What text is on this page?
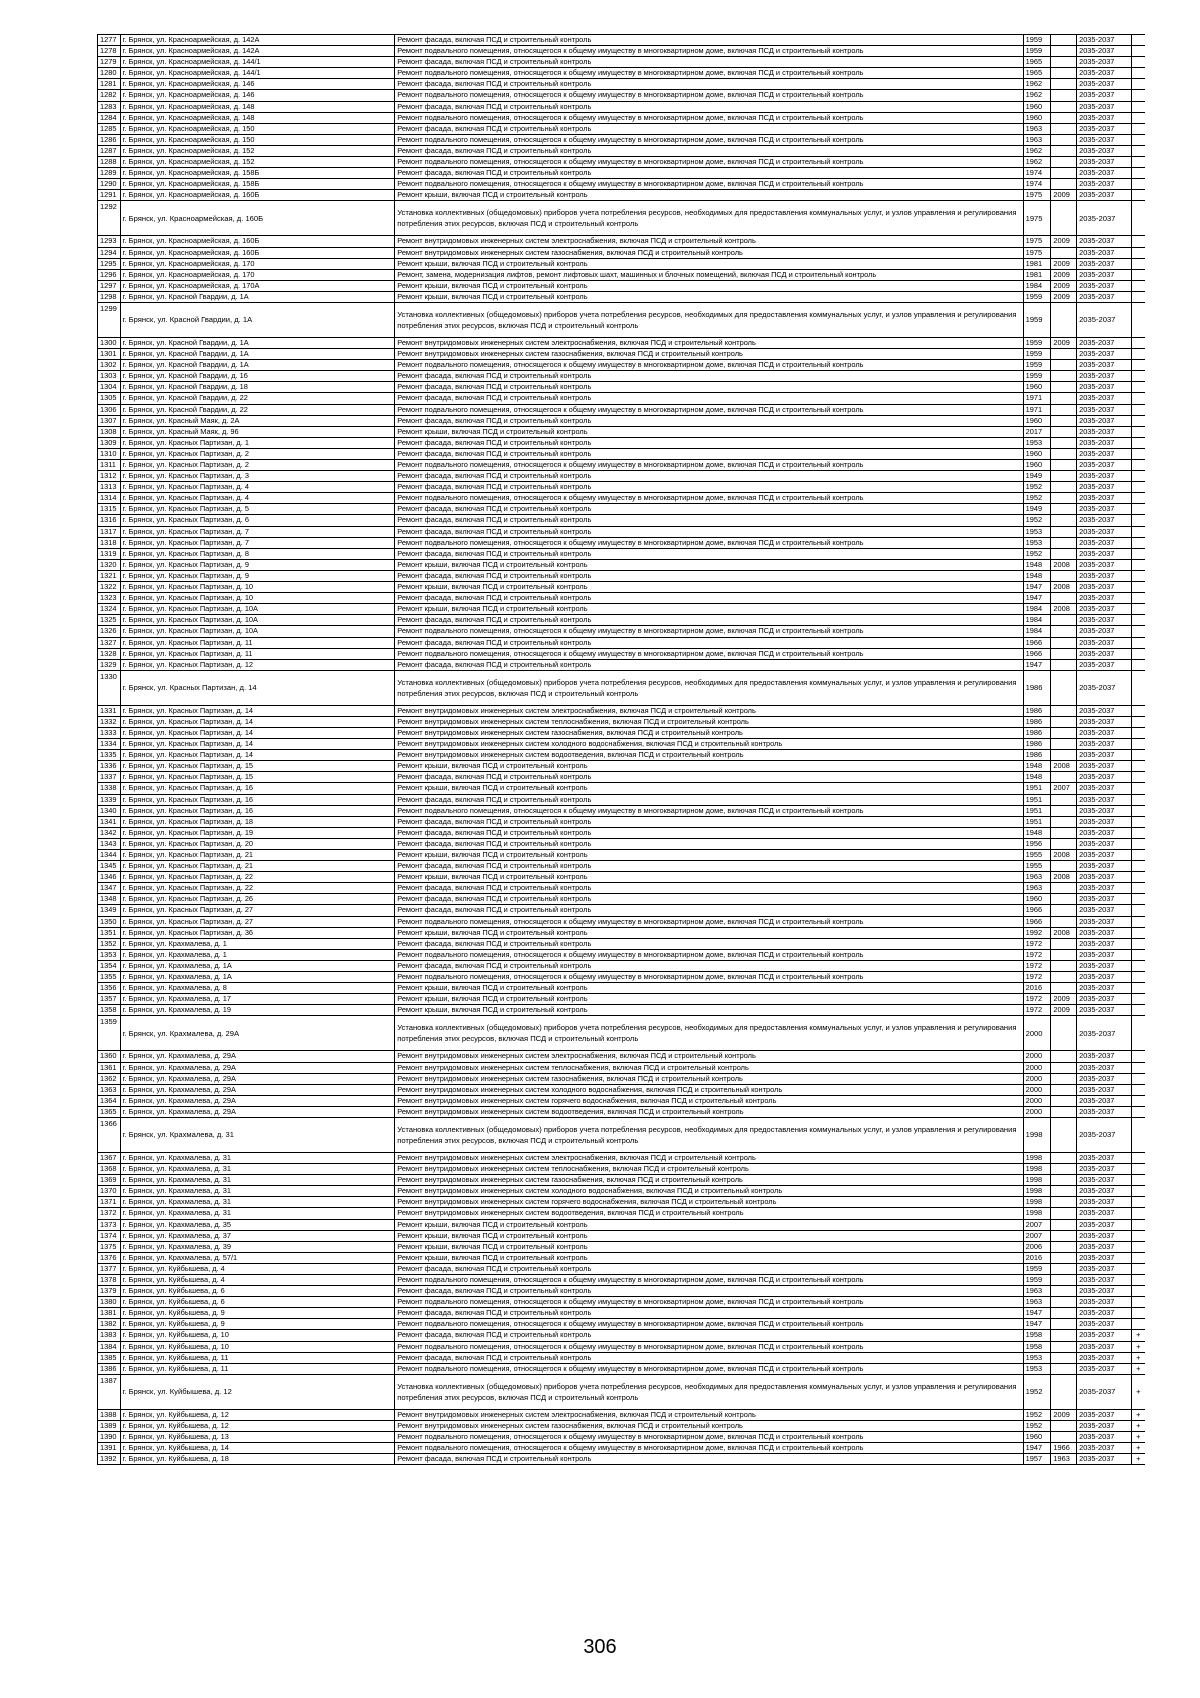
1277	г. Брянск, ул. Красноармейская, д. 142А	Ремонт фасада, включая ПСД и строительный контроль	1959		2035-2037	
1278	г. Брянск, ул. Красноармейская, д. 142А	Ремонт подвального помещения, относящегося к общему имуществу в многоквартирном доме, включая ПСД и строительный контроль	1959		2035-2037	
1279	г. Брянск, ул. Красноармейская, д. 144/1	Ремонт фасада, включая ПСД и строительный контроль	1965		2035-2037	
1280	г. Брянск, ул. Красноармейская, д. 144/1	Ремонт подвального помещения, относящегося к общему имуществу в многоквартирном доме, включая ПСД и строительный контроль	1965		2035-2037	
1281	г. Брянск, ул. Красноармейская, д. 146	Ремонт фасада, включая ПСД и строительный контроль	1962		2035-2037	
1282	г. Брянск, ул. Красноармейская, д. 146	Ремонт подвального помещения, относящегося к общему имуществу в многоквартирном доме, включая ПСД и строительный контроль	1962		2035-2037	
1283	г. Брянск, ул. Красноармейская, д. 148	Ремонт фасада, включая ПСД и строительный контроль	1960		2035-2037	
1284	г. Брянск, ул. Красноармейская, д. 148	Ремонт подвального помещения, относящегося к общему имуществу в многоквартирном доме, включая ПСД и строительный контроль	1960		2035-2037	
1285	г. Брянск, ул. Красноармейская, д. 150	Ремонт фасада, включая ПСД и строительный контроль	1963		2035-2037	
1286	г. Брянск, ул. Красноармейская, д. 150	Ремонт подвального помещения, относящегося к общему имуществу в многоквартирном доме, включая ПСД и строительный контроль	1963		2035-2037	
1287	г. Брянск, ул. Красноармейская, д. 152	Ремонт фасада, включая ПСД и строительный контроль	1962		2035-2037	
1288	г. Брянск, ул. Красноармейская, д. 152	Ремонт подвального помещения, относящегося к общему имуществу в многоквартирном доме, включая ПСД и строительный контроль	1962		2035-2037	
1289	г. Брянск, ул. Красноармейская, д. 158Б	Ремонт фасада, включая ПСД и строительный контроль	1974		2035-2037	
1290	г. Брянск, ул. Красноармейская, д. 158Б	Ремонт подвального помещения, относящегося к общему имуществу в многоквартирном доме, включая ПСД и строительный контроль	1974		2035-2037	
1291	г. Брянск, ул. Красноармейская, д. 160Б	Ремонт крыши, включая ПСД и строительный контроль	1975	2009	2035-2037	
1292	г. Брянск, ул. Красноармейская, д. 160Б	Установка коллективных (общедомовых) приборов учета потребления ресурсов, необходимых для предоставления коммунальных услуг, и узлов управления и регулирования потребления этих ресурсов, включая ПСД и строительный контроль	1975		2035-2037	
1293	г. Брянск, ул. Красноармейская, д. 160Б	Ремонт внутридомовых инженерных систем электроснабжения, включая ПСД и строительный контроль	1975	2009	2035-2037	
1294	г. Брянск, ул. Красноармейская, д. 160Б	Ремонт внутридомовых инженерных систем газоснабжения, включая ПСД и строительный контроль	1975		2035-2037	
1295	г. Брянск, ул. Красноармейская, д. 170	Ремонт крыши, включая ПСД и строительный контроль	1981	2009	2035-2037	
1296	г. Брянск, ул. Красноармейская, д. 170	Ремонт, замена, модернизация лифтов, ремонт лифтовых шахт, машинных и блочных помещений, включая ПСД и строительный контроль	1981	2009	2035-2037	
1297	г. Брянск, ул. Красноармейская, д. 170А	Ремонт крыши, включая ПСД и строительный контроль	1984	2009	2035-2037	
1298	г. Брянск, ул. Красной Гвардии, д. 1А	Ремонт крыши, включая ПСД и строительный контроль	1959	2009	2035-2037	
1299	г. Брянск, ул. Красной Гвардии, д. 1А	Установка коллективных (общедомовых) приборов учета потребления ресурсов, необходимых для предоставления коммунальных услуг, и узлов управления и регулирования потребления этих ресурсов, включая ПСД и строительный контроль	1959		2035-2037	
1300	г. Брянск, ул. Красной Гвардии, д. 1А	Ремонт внутридомовых инженерных систем электроснабжения, включая ПСД и строительный контроль	1959	2009	2035-2037	
1301	г. Брянск, ул. Красной Гвардии, д. 1А	Ремонт внутридомовых инженерных систем газоснабжения, включая ПСД и строительный контроль	1959		2035-2037	
1302	г. Брянск, ул. Красной Гвардии, д. 1А	Ремонт подвального помещения, относящегося к общему имуществу в многоквартирном доме, включая ПСД и строительный контроль	1959		2035-2037	
1303	г. Брянск, ул. Красной Гвардии, д. 16	Ремонт фасада, включая ПСД и строительный контроль	1959		2035-2037	
1304	г. Брянск, ул. Красной Гвардии, д. 18	Ремонт фасада, включая ПСД и строительный контроль	1960		2035-2037	
1305	г. Брянск, ул. Красной Гвардии, д. 22	Ремонт фасада, включая ПСД и строительный контроль	1971		2035-2037	
1306	г. Брянск, ул. Красной Гвардии, д. 22	Ремонт подвального помещения, относящегося к общему имуществу в многоквартирном доме, включая ПСД и строительный контроль	1971		2035-2037	
1307	г. Брянск, ул. Красный Маяк, д. 2А	Ремонт фасада, включая ПСД и строительный контроль	1960		2035-2037	
1308	г. Брянск, ул. Красный Маяк, д. 96	Ремонт крыши, включая ПСД и строительный контроль	2017		2035-2037	
1309	г. Брянск, ул. Красных Партизан, д. 1	Ремонт фасада, включая ПСД и строительный контроль	1953		2035-2037	
1310	г. Брянск, ул. Красных Партизан, д. 2	Ремонт фасада, включая ПСД и строительный контроль	1960		2035-2037	
1311	г. Брянск, ул. Красных Партизан, д. 2	Ремонт подвального помещения, относящегося к общему имуществу в многоквартирном доме, включая ПСД и строительный контроль	1960		2035-2037	
1312	г. Брянск, ул. Красных Партизан, д. 3	Ремонт фасада, включая ПСД и строительный контроль	1949		2035-2037	
1313	г. Брянск, ул. Красных Партизан, д. 4	Ремонт фасада, включая ПСД и строительный контроль	1952		2035-2037	
1314	г. Брянск, ул. Красных Партизан, д. 4	Ремонт подвального помещения, относящегося к общему имуществу в многоквартирном доме, включая ПСД и строительный контроль	1952		2035-2037	
1315	г. Брянск, ул. Красных Партизан, д. 5	Ремонт фасада, включая ПСД и строительный контроль	1949		2035-2037	
1316	г. Брянск, ул. Красных Партизан, д. 6	Ремонт фасада, включая ПСД и строительный контроль	1952		2035-2037	
1317	г. Брянск, ул. Красных Партизан, д. 7	Ремонт фасада, включая ПСД и строительный контроль	1953		2035-2037	
1318	г. Брянск, ул. Красных Партизан, д. 7	Ремонт подвального помещения, относящегося к общему имуществу в многоквартирном доме, включая ПСД и строительный контроль	1953		2035-2037	
1319	г. Брянск, ул. Красных Партизан, д. 8	Ремонт фасада, включая ПСД и строительный контроль	1952		2035-2037	
1320	г. Брянск, ул. Красных Партизан, д. 9	Ремонт крыши, включая ПСД и строительный контроль	1948	2008	2035-2037	
1321	г. Брянск, ул. Красных Партизан, д. 9	Ремонт фасада, включая ПСД и строительный контроль	1948		2035-2037	
1322	г. Брянск, ул. Красных Партизан, д. 10	Ремонт крыши, включая ПСД и строительный контроль	1947	2008	2035-2037	
1323	г. Брянск, ул. Красных Партизан, д. 10	Ремонт фасада, включая ПСД и строительный контроль	1947		2035-2037	
1324	г. Брянск, ул. Красных Партизан, д. 10А	Ремонт крыши, включая ПСД и строительный контроль	1984	2008	2035-2037	
1325	г. Брянск, ул. Красных Партизан, д. 10А	Ремонт фасада, включая ПСД и строительный контроль	1984		2035-2037	
1326	г. Брянск, ул. Красных Партизан, д. 10А	Ремонт подвального помещения, относящегося к общему имуществу в многоквартирном доме, включая ПСД и строительный контроль	1984		2035-2037	
1327	г. Брянск, ул. Красных Партизан, д. 11	Ремонт фасада, включая ПСД и строительный контроль	1966		2035-2037	
1328	г. Брянск, ул. Красных Партизан, д. 11	Ремонт подвального помещения, относящегося к общему имуществу в многоквартирном доме, включая ПСД и строительный контроль	1966		2035-2037	
1329	г. Брянск, ул. Красных Партизан, д. 12	Ремонт фасада, включая ПСД и строительный контроль	1947		2035-2037	
1330	г. Брянск, ул. Красных Партизан, д. 14	Установка коллективных (общедомовых) приборов учета потребления ресурсов, необходимых для предоставления коммунальных услуг, и узлов управления и регулирования потребления этих ресурсов, включая ПСД и строительный контроль	1986		2035-2037	
1331	г. Брянск, ул. Красных Партизан, д. 14	Ремонт внутридомовых инженерных систем электроснабжения, включая ПСД и строительный контроль	1986		2035-2037	
1332	г. Брянск, ул. Красных Партизан, д. 14	Ремонт внутридомовых инженерных систем теплоснабжения, включая ПСД и строительный контроль	1986		2035-2037	
1333	г. Брянск, ул. Красных Партизан, д. 14	Ремонт внутридомовых инженерных систем газоснабжения, включая ПСД и строительный контроль	1986		2035-2037	
1334	г. Брянск, ул. Красных Партизан, д. 14	Ремонт внутридомовых инженерных систем холодного водоснабжения, включая ПСД и строительный контроль	1986		2035-2037	
1335	г. Брянск, ул. Красных Партизан, д. 14	Ремонт внутридомовых инженерных систем водоотведения, включая ПСД и строительный контроль	1986		2035-2037	
1336	г. Брянск, ул. Красных Партизан, д. 15	Ремонт крыши, включая ПСД и строительный контроль	1948	2008	2035-2037	
1337	г. Брянск, ул. Красных Партизан, д. 15	Ремонт фасада, включая ПСД и строительный контроль	1948		2035-2037	
1338	г. Брянск, ул. Красных Партизан, д. 16	Ремонт крыши, включая ПСД и строительный контроль	1951	2007	2035-2037	
1339	г. Брянск, ул. Красных Партизан, д. 16	Ремонт фасада, включая ПСД и строительный контроль	1951		2035-2037	
1340	г. Брянск, ул. Красных Партизан, д. 16	Ремонт подвального помещения, относящегося к общему имуществу в многоквартирном доме, включая ПСД и строительный контроль	1951		2035-2037	
1341	г. Брянск, ул. Красных Партизан, д. 18	Ремонт фасада, включая ПСД и строительный контроль	1951		2035-2037	
1342	г. Брянск, ул. Красных Партизан, д. 19	Ремонт фасада, включая ПСД и строительный контроль	1948		2035-2037	
1343	г. Брянск, ул. Красных Партизан, д. 20	Ремонт фасада, включая ПСД и строительный контроль	1956		2035-2037	
1344	г. Брянск, ул. Красных Партизан, д. 21	Ремонт крыши, включая ПСД и строительный контроль	1955	2008	2035-2037	
1345	г. Брянск, ул. Красных Партизан, д. 21	Ремонт фасада, включая ПСД и строительный контроль	1955		2035-2037	
1346	г. Брянск, ул. Красных Партизан, д. 22	Ремонт крыши, включая ПСД и строительный контроль	1963	2008	2035-2037	
1347	г. Брянск, ул. Красных Партизан, д. 22	Ремонт фасада, включая ПСД и строительный контроль	1963		2035-2037	
1348	г. Брянск, ул. Красных Партизан, д. 26	Ремонт фасада, включая ПСД и строительный контроль	1960		2035-2037	
1349	г. Брянск, ул. Красных Партизан, д. 27	Ремонт фасада, включая ПСД и строительный контроль	1966		2035-2037	
1350	г. Брянск, ул. Красных Партизан, д. 27	Ремонт подвального помещения, относящегося к общему имуществу в многоквартирном доме, включая ПСД и строительный контроль	1966		2035-2037	
1351	г. Брянск, ул. Красных Партизан, д. 36	Ремонт крыши, включая ПСД и строительный контроль	1992	2008	2035-2037	
1352	г. Брянск, ул. Крахмалева, д. 1	Ремонт фасада, включая ПСД и строительный контроль	1972		2035-2037	
1353	г. Брянск, ул. Крахмалева, д. 1	Ремонт подвального помещения, относящегося к общему имуществу в многоквартирном доме, включая ПСД и строительный контроль	1972		2035-2037	
1354	г. Брянск, ул. Крахмалева, д. 1А	Ремонт фасада, включая ПСД и строительный контроль	1972		2035-2037	
1355	г. Брянск, ул. Крахмалева, д. 1А	Ремонт подвального помещения, относящегося к общему имуществу в многоквартирном доме, включая ПСД и строительный контроль	1972		2035-2037	
1356	г. Брянск, ул. Крахмалева, д. 8	Ремонт крыши, включая ПСД и строительный контроль	2016		2035-2037	
1357	г. Брянск, ул. Крахмалева, д. 17	Ремонт крыши, включая ПСД и строительный контроль	1972	2009	2035-2037	
1358	г. Брянск, ул. Крахмалева, д. 19	Ремонт крыши, включая ПСД и строительный контроль	1972	2009	2035-2037	
1359	г. Брянск, ул. Крахмалева, д. 29А	Установка коллективных (общедомовых) приборов учета потребления ресурсов, необходимых для предоставления коммунальных услуг, и узлов управления и регулирования потребления этих ресурсов, включая ПСД и строительный контроль	2000		2035-2037	
1360	г. Брянск, ул. Крахмалева, д. 29А	Ремонт внутридомовых инженерных систем электроснабжения, включая ПСД и строительный контроль	2000		2035-2037	
1361	г. Брянск, ул. Крахмалева, д. 29А	Ремонт внутридомовых инженерных систем теплоснабжения, включая ПСД и строительный контроль	2000		2035-2037	
1362	г. Брянск, ул. Крахмалева, д. 29А	Ремонт внутридомовых инженерных систем газоснабжения, включая ПСД и строительный контроль	2000		2035-2037	
1363	г. Брянск, ул. Крахмалева, д. 29А	Ремонт внутридомовых инженерных систем холодного водоснабжения, включая ПСД и строительный контроль	2000		2035-2037	
1364	г. Брянск, ул. Крахмалева, д. 29А	Ремонт внутридомовых инженерных систем горячего водоснабжения, включая ПСД и строительный контроль	2000		2035-2037	
1365	г. Брянск, ул. Крахмалева, д. 29А	Ремонт внутридомовых инженерных систем водоотведения, включая ПСД и строительный контроль	2000		2035-2037	
1366	г. Брянск, ул. Крахмалева, д. 31	Установка коллективных (общедомовых) приборов учета потребления ресурсов, необходимых для предоставления коммунальных услуг, и узлов управления и регулирования потребления этих ресурсов, включая ПСД и строительный контроль	1998		2035-2037	
1367	г. Брянск, ул. Крахмалева, д. 31	Ремонт внутридомовых инженерных систем электроснабжения, включая ПСД и строительный контроль	1998		2035-2037	
1368	г. Брянск, ул. Крахмалева, д. 31	Ремонт внутридомовых инженерных систем теплоснабжения, включая ПСД и строительный контроль	1998		2035-2037	
1369	г. Брянск, ул. Крахмалева, д. 31	Ремонт внутридомовых инженерных систем газоснабжения, включая ПСД и строительный контроль	1998		2035-2037	
1370	г. Брянск, ул. Крахмалева, д. 31	Ремонт внутридомовых инженерных систем холодного водоснабжения, включая ПСД и строительный контроль	1998		2035-2037	
1371	г. Брянск, ул. Крахмалева, д. 31	Ремонт внутридомовых инженерных систем горячего водоснабжения, включая ПСД и строительный контроль	1998		2035-2037	
1372	г. Брянск, ул. Крахмалева, д. 31	Ремонт внутридомовых инженерных систем водоотведения, включая ПСД и строительный контроль	1998		2035-2037	
1373	г. Брянск, ул. Крахмалева, д. 35	Ремонт крыши, включая ПСД и строительный контроль	2007		2035-2037	
1374	г. Брянск, ул. Крахмалева, д. 37	Ремонт крыши, включая ПСД и строительный контроль	2007		2035-2037	
1375	г. Брянск, ул. Крахмалева, д. 39	Ремонт крыши, включая ПСД и строительный контроль	2006		2035-2037	
1376	г. Брянск, ул. Крахмалева, д. 57/1	Ремонт крыши, включая ПСД и строительный контроль	2016		2035-2037	
1377	г. Брянск, ул. Куйбышева, д. 4	Ремонт фасада, включая ПСД и строительный контроль	1959		2035-2037	
1378	г. Брянск, ул. Куйбышева, д. 4	Ремонт подвального помещения, относящегося к общему имуществу в многоквартирном доме, включая ПСД и строительный контроль	1959		2035-2037	
1379	г. Брянск, ул. Куйбышева, д. 6	Ремонт фасада, включая ПСД и строительный контроль	1963		2035-2037	
1380	г. Брянск, ул. Куйбышева, д. 6	Ремонт подвального помещения, относящегося к общему имуществу в многоквартирном доме, включая ПСД и строительный контроль	1963		2035-2037	
1381	г. Брянск, ул. Куйбышева, д. 9	Ремонт фасада, включая ПСД и строительный контроль	1947		2035-2037	
1382	г. Брянск, ул. Куйбышева, д. 9	Ремонт подвального помещения, относящегося к общему имуществу в многоквартирном доме, включая ПСД и строительный контроль	1947		2035-2037	
1383	г. Брянск, ул. Куйбышева, д. 10	Ремонт фасада, включая ПСД и строительный контроль	1958		2035-2037	+
1384	г. Брянск, ул. Куйбышева, д. 10	Ремонт подвального помещения, относящегося к общему имуществу в многоквартирном доме, включая ПСД и строительный контроль	1958		2035-2037	+
1385	г. Брянск, ул. Куйбышева, д. 11	Ремонт фасада, включая ПСД и строительный контроль	1953		2035-2037	+
1386	г. Брянск, ул. Куйбышева, д. 11	Ремонт подвального помещения, относящегося к общему имуществу в многоквартирном доме, включая ПСД и строительный контроль	1953		2035-2037	+
1387	г. Брянск, ул. Куйбышева, д. 12	Установка коллективных (общедомовых) приборов учета потребления ресурсов, необходимых для предоставления коммунальных услуг, и узлов управления и регулирования потребления этих ресурсов, включая ПСД и строительный контроль	1952		2035-2037	+
1388	г. Брянск, ул. Куйбышева, д. 12	Ремонт внутридомовых инженерных систем электроснабжения, включая ПСД и строительный контроль	1952	2009	2035-2037	+
1389	г. Брянск, ул. Куйбышева, д. 12	Ремонт внутридомовых инженерных систем газоснабжения, включая ПСД и строительный контроль	1952		2035-2037	+
1390	г. Брянск, ул. Куйбышева, д. 13	Ремонт подвального помещения, относящегося к общему имуществу в многоквартирном доме, включая ПСД и строительный контроль	1960		2035-2037	+
1391	г. Брянск, ул. Куйбышева, д. 14	Ремонт подвального помещения, относящегося к общему имуществу в многоквартирном доме, включая ПСД и строительный контроль	1947	1966	2035-2037	+
1392	г. Брянск, ул. Куйбышева, д. 18	Ремонт фасада, включая ПСД и строительный контроль	1957	1963	2035-2037	+
306
